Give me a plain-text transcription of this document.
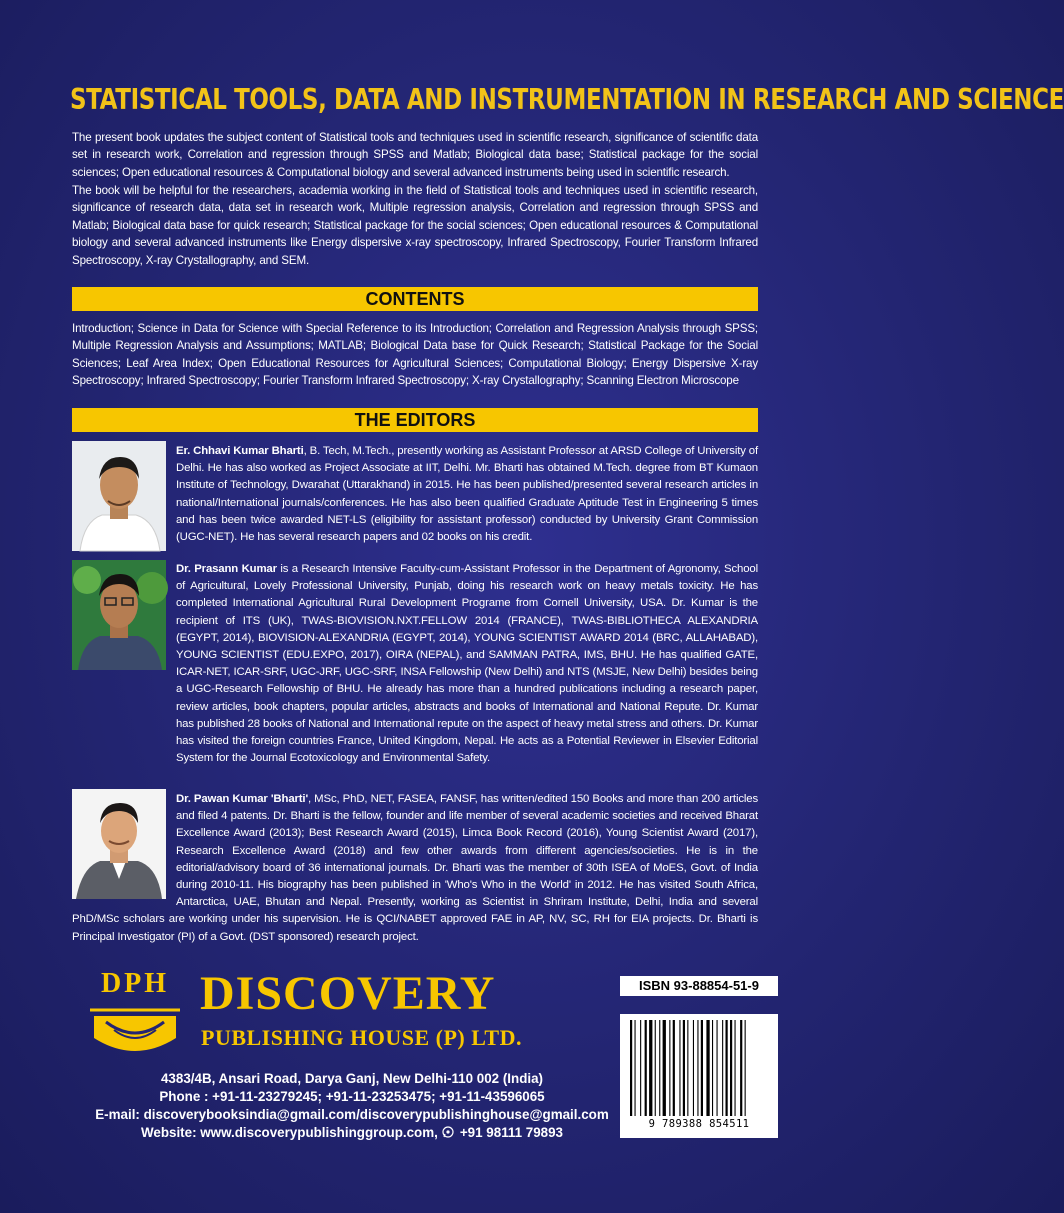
STATISTICAL TOOLS, DATA AND INSTRUMENTATION IN RESEARCH AND SCIENCE
The present book updates the subject content of Statistical tools and techniques used in scientific research, significance of scientific data set in research work, Correlation and regression through SPSS and Matlab; Biological data base; Statistical package for the social sciences; Open educational resources & Computational biology and several advanced instruments being used in scientific research.
The book will be helpful for the researchers, academia working in the field of Statistical tools and techniques used in scientific research, significance of research data, data set in research work, Multiple regression analysis, Correlation and regression through SPSS and Matlab; Biological data base for quick research; Statistical package for the social sciences; Open educational resources & Computational biology and several advanced instruments like Energy dispersive x-ray spectroscopy, Infrared Spectroscopy, Fourier Transform Infrared Spectroscopy, X-ray Crystallography, and SEM.
CONTENTS
Introduction; Science in Data for Science with Special Reference to its Introduction; Correlation and Regression Analysis through SPSS; Multiple Regression Analysis and Assumptions; MATLAB; Biological Data base for Quick Research; Statistical Package for the Social Sciences; Leaf Area Index; Open Educational Resources for Agricultural Sciences; Computational Biology; Energy Dispersive X-ray Spectroscopy; Infrared Spectroscopy; Fourier Transform Infrared Spectroscopy; X-ray Crystallography; Scanning Electron Microscope
THE EDITORS
Er. Chhavi Kumar Bharti, B. Tech, M.Tech., presently working as Assistant Professor at ARSD College of University of Delhi. He has also worked as Project Associate at IIT, Delhi. Mr. Bharti has obtained M.Tech. degree from BT Kumaon Institute of Technology, Dwarahat (Uttarakhand) in 2015. He has been published/presented several research articles in national/International journals/conferences. He has also been qualified Graduate Aptitude Test in Engineering 5 times and has been twice awarded NET-LS (eligibility for assistant professor) conducted by University Grant Commission (UGC-NET). He has several research papers and 02 books on his credit.
Dr. Prasann Kumar is a Research Intensive Faculty-cum-Assistant Professor in the Department of Agronomy, School of Agricultural, Lovely Professional University, Punjab, doing his research work on heavy metals toxicity. He has completed International Agricultural Rural Development Programe from Cornell University, USA. Dr. Kumar is the recipient of ITS (UK), TWAS-BIOVISION.NXT.FELLOW 2014 (FRANCE), TWAS-BIBLIOTHECA ALEXANDRIA (EGYPT, 2014), BIOVISION-ALEXANDRIA (EGYPT, 2014), YOUNG SCIENTIST AWARD 2014 (BRC, ALLAHABAD), YOUNG SCIENTIST (EDU.EXPO, 2017), OIRA (NEPAL), and SAMMAN PATRA, IMS, BHU. He has qualified GATE, ICAR-NET, ICAR-SRF, UGC-JRF, UGC-SRF, INSA Fellowship (New Delhi) and NTS (MSJE, New Delhi) besides being a UGC-Research Fellowship of BHU. He already has more than a hundred publications including a research paper, review articles, book chapters, popular articles, abstracts and books of International and National Repute. Dr. Kumar has published 28 books of National and International repute on the aspect of heavy metal stress and others. Dr. Kumar has visited the foreign countries France, United Kingdom, Nepal. He acts as a Potential Reviewer in Elsevier Editorial System for the Journal Ecotoxicology and Environmental Safety.
Dr. Pawan Kumar 'Bharti', MSc, PhD, NET, FASEA, FANSF, has written/edited 150 Books and more than 200 articles and filed 4 patents. Dr. Bharti is the fellow, founder and life member of several academic societies and received Bharat Excellence Award (2013); Best Research Award (2015), Limca Book Record (2016), Young Scientist Award (2017), Research Excellence Award (2018) and few other awards from different agencies/societies. He is in the editorial/advisory board of 36 international journals. Dr. Bharti was the member of 30th ISEA of MoES, Govt. of India during 2010-11. His biography has been published in 'Who's Who in the World' in 2012. He has visited South Africa, Antarctica, UAE, Bhutan and Nepal. Presently, working as Scientist in Shriram Institute, Delhi, India and several PhD/MSc scholars are working under his supervision. He is QCI/NABET approved FAE in AP, NV, SC, RH for EIA projects. Dr. Bharti is Principal Investigator (PI) of a Govt. (DST sponsored) research project.
DPH DISCOVERY
PUBLISHING HOUSE (P) LTD.
4383/4B, Ansari Road, Darya Ganj, New Delhi-110 002 (India)
Phone : +91-11-23279245; +91-11-23253475; +91-11-43596065
E-mail: discoverybooksindia@gmail.com/discoverypublishinghouse@gmail.com
Website: www.discoverypublishinggroup.com, +91 98111 79893
ISBN 93-88854-51-9
9 789388 854511
